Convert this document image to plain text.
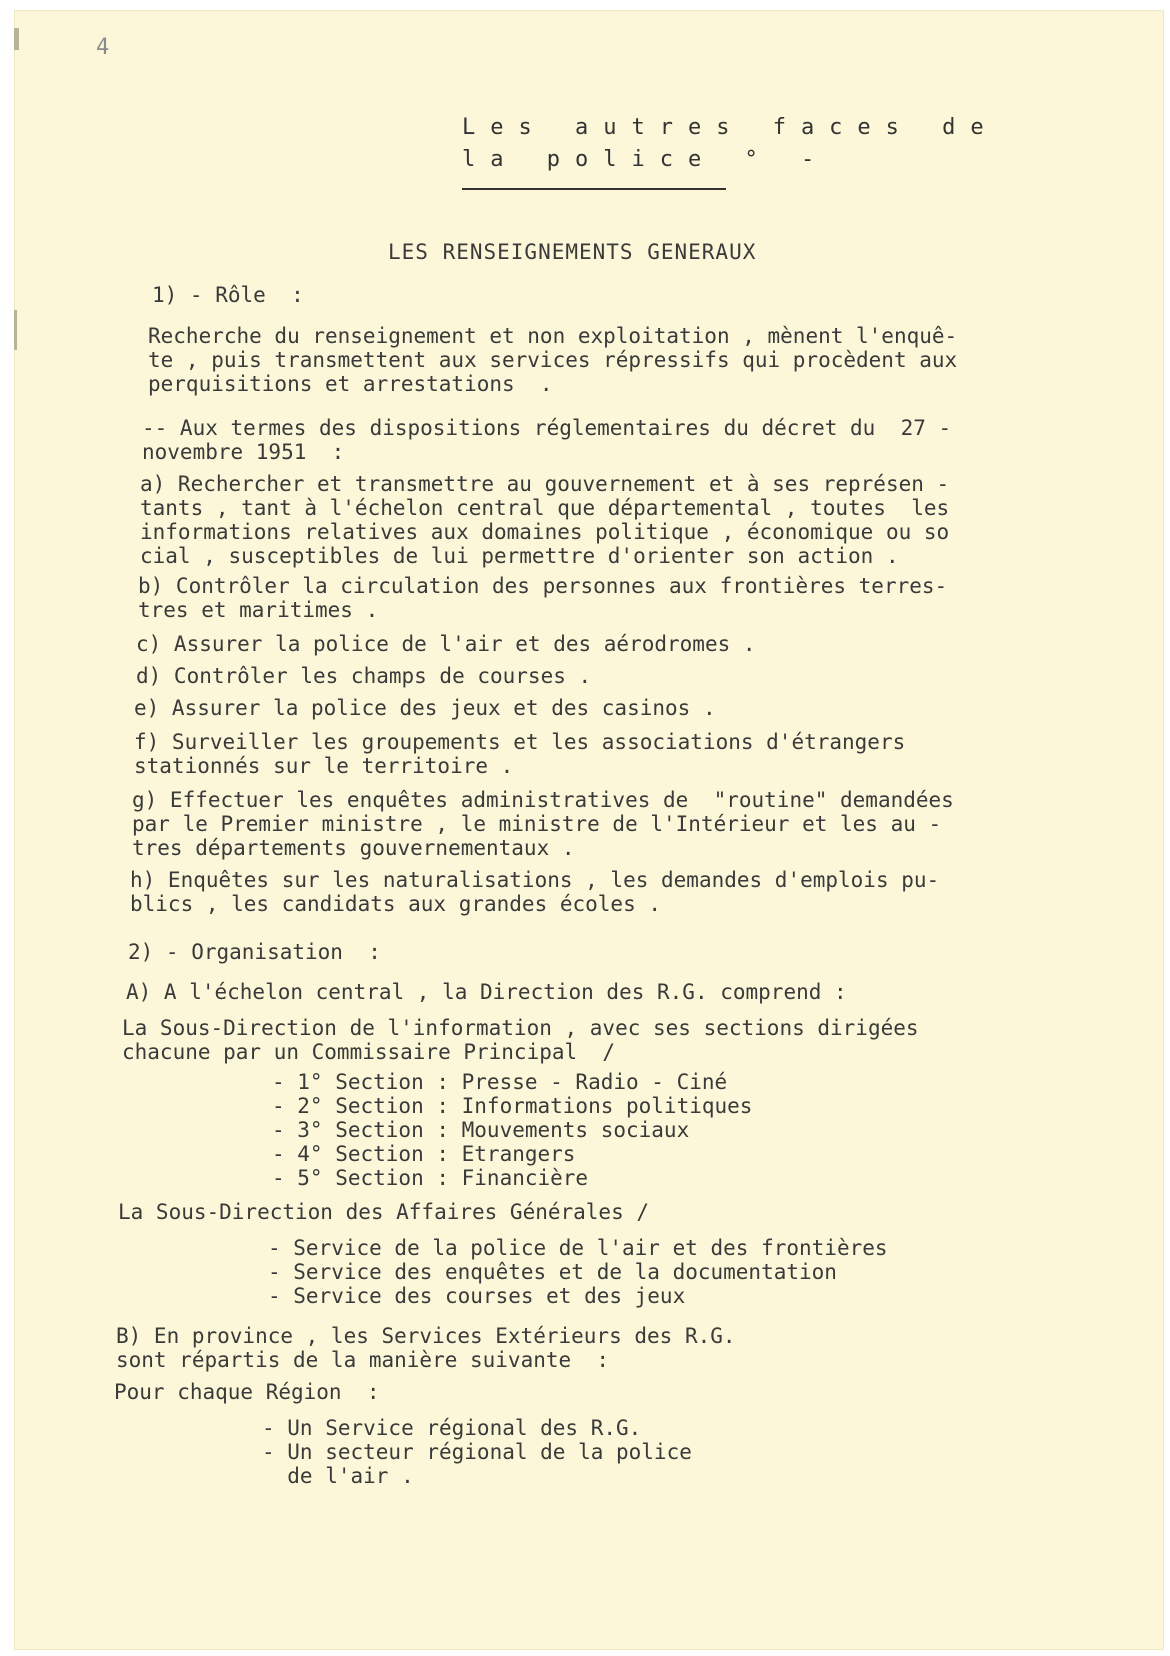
4
Les autres faces de
la police ° -
LES RENSEIGNEMENTS GENERAUX
1) - Rôle  :
Recherche du renseignement et non exploitation , mènent l'enquê-
te , puis transmettent aux services répressifs qui procèdent aux
perquisitions et arrestations  .
-- Aux termes des dispositions réglementaires du décret du  27 -
novembre 1951  :
a) Rechercher et transmettre au gouvernement et à ses représen -
tants , tant à l'échelon central que départemental , toutes  les
informations relatives aux domaines politique , économique ou so
cial , susceptibles de lui permettre d'orienter son action .
b) Contrôler la circulation des personnes aux frontières terres-
tres et maritimes .
c) Assurer la police de l'air et des aérodromes .
d) Contrôler les champs de courses .
e) Assurer la police des jeux et des casinos .
f) Surveiller les groupements et les associations d'étrangers
stationnés sur le territoire .
g) Effectuer les enquêtes administratives de  "routine" demandées
par le Premier ministre , le ministre de l'Intérieur et les au -
tres départements gouvernementaux .
h) Enquêtes sur les naturalisations , les demandes d'emplois pu-
blics , les candidats aux grandes écoles .
2) - Organisation  :
A) A l'échelon central , la Direction des R.G. comprend :
La Sous-Direction de l'information , avec ses sections dirigées
chacune par un Commissaire Principal  /
- 1° Section : Presse - Radio - Ciné
- 2° Section : Informations politiques
- 3° Section : Mouvements sociaux
- 4° Section : Etrangers
- 5° Section : Financière
La Sous-Direction des Affaires Générales /
- Service de la police de l'air et des frontières
- Service des enquêtes et de la documentation
- Service des courses et des jeux
B) En province , les Services Extérieurs des R.G.
sont répartis de la manière suivante  :
Pour chaque Région  :
- Un Service régional des R.G.
- Un secteur régional de la police
de l'air .
